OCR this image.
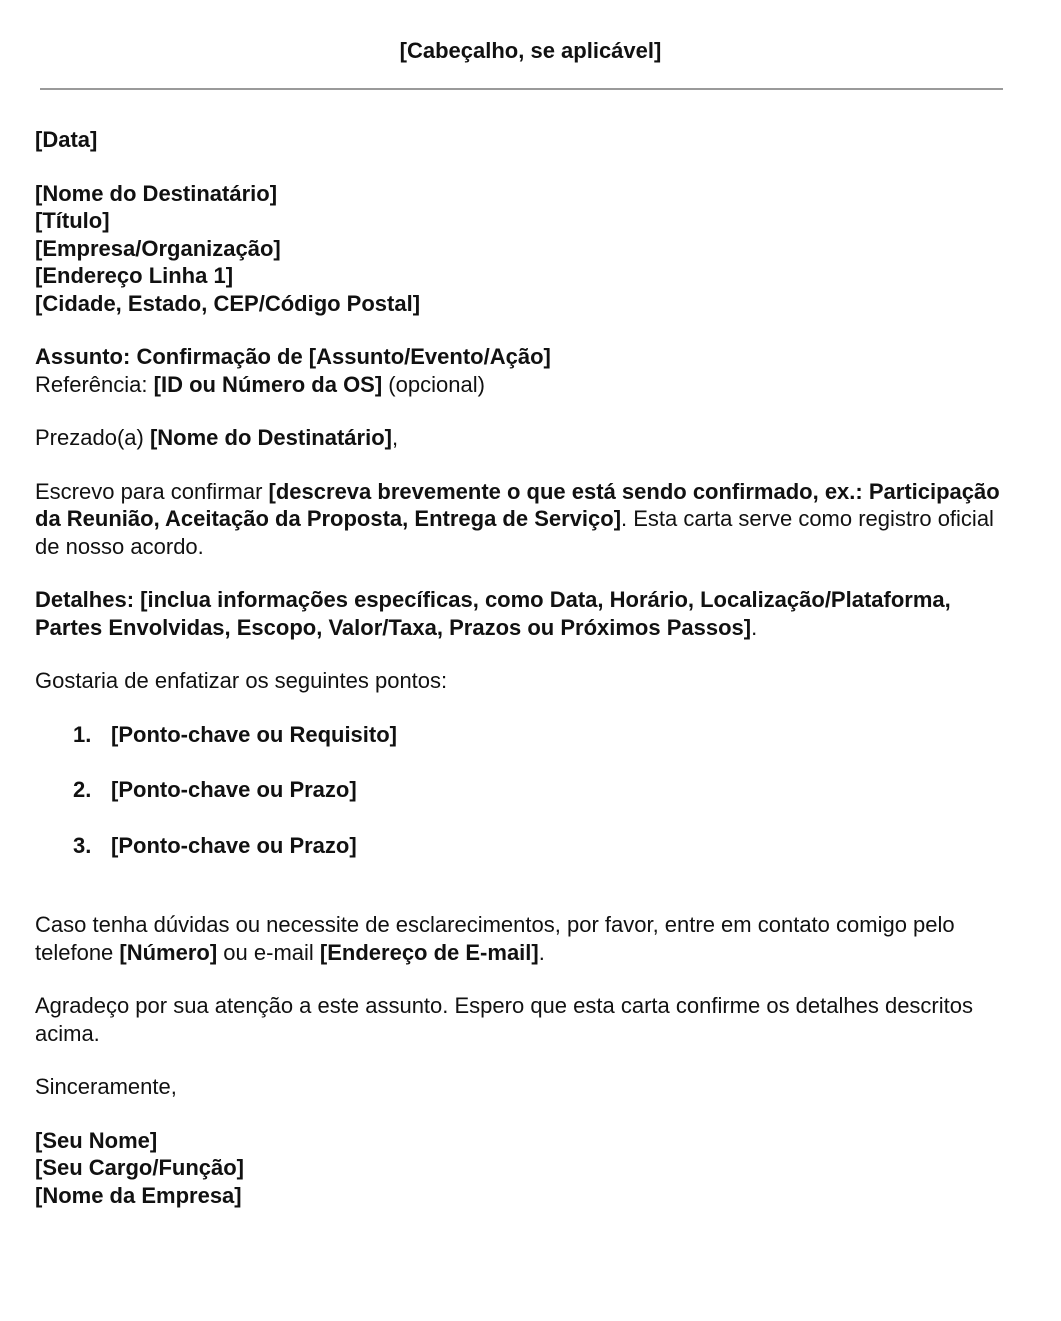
[Cabeçalho, se aplicável]

[Data]

[Nome do Destinatário]
[Título]
[Empresa/Organização]
[Endereço Linha 1]
[Cidade, Estado, CEP/Código Postal]

Assunto: Confirmação de [Assunto/Evento/Ação]
Referência: [ID ou Número da OS] (opcional)

Prezado(a) [Nome do Destinatário],

Escrevo para confirmar [descreva brevemente o que está sendo confirmado, ex.: Participação da Reunião, Aceitação da Proposta, Entrega de Serviço]. Esta carta serve como registro oficial de nosso acordo.

Detalhes: [inclua informações específicas, como Data, Horário, Localização/Plataforma, Partes Envolvidas, Escopo, Valor/Taxa, Prazos ou Próximos Passos].

Gostaria de enfatizar os seguintes pontos:

1. [Ponto-chave ou Requisito]
2. [Ponto-chave ou Prazo]
3. [Ponto-chave ou Prazo]

Caso tenha dúvidas ou necessite de esclarecimentos, por favor, entre em contato comigo pelo telefone [Número] ou e-mail [Endereço de E-mail].

Agradeço por sua atenção a este assunto. Espero que esta carta confirme os detalhes descritos acima.

Sinceramente,

[Seu Nome]
[Seu Cargo/Função]
[Nome da Empresa]
